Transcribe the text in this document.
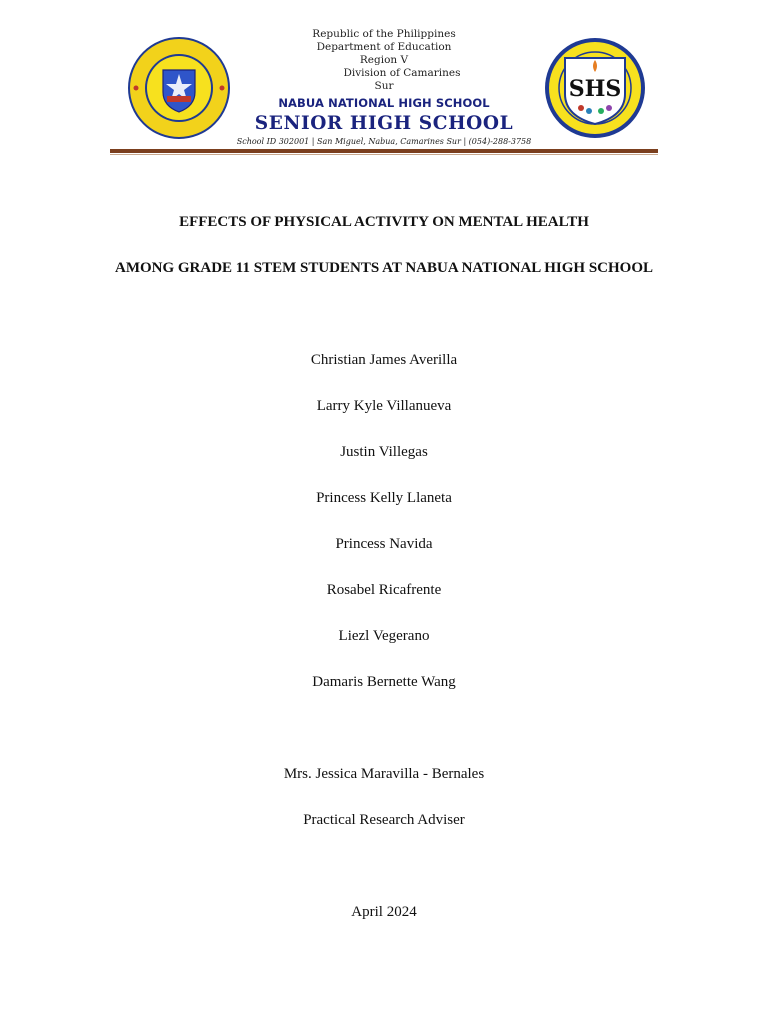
Republic of the Philippines
Department of Education
Region V
Division of Camarines
Sur
NABUA NATIONAL HIGH SCHOOL
SENIOR HIGH SCHOOL
School ID 302001 | San Miguel, Nabua, Camarines Sur | (054)-288-3758
SHS
EFFECTS OF PHYSICAL ACTIVITY ON MENTAL HEALTH
AMONG GRADE 11 STEM STUDENTS AT NABUA NATIONAL HIGH SCHOOL
Christian James Averilla
Larry Kyle Villanueva
Justin Villegas
Princess Kelly Llaneta
Princess Navida
Rosabel Ricafrente
Liezl Vegerano
Damaris Bernette Wang
Mrs. Jessica Maravilla - Bernales
Practical Research Adviser
April 2024
